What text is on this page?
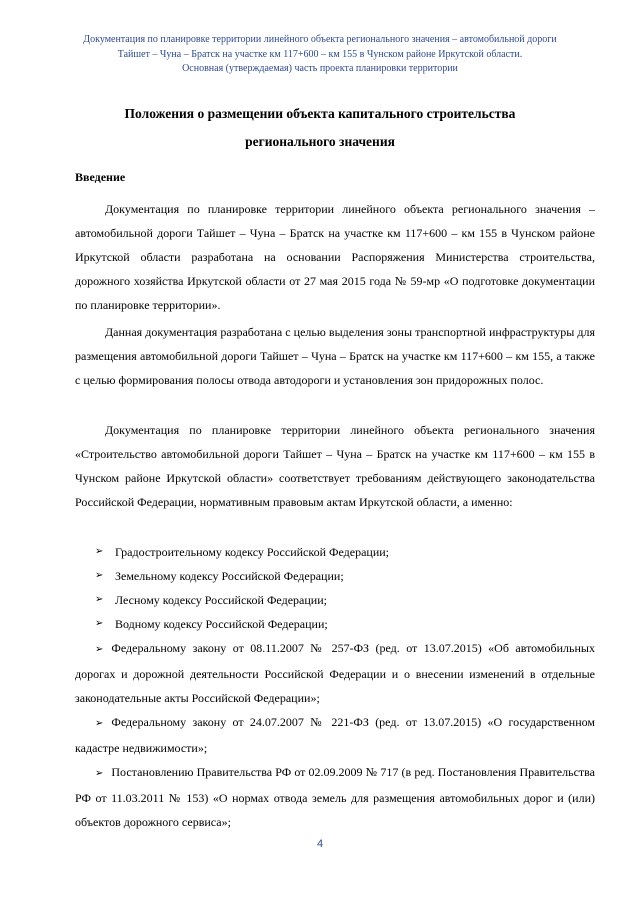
Документация по планировке территории линейного объекта регионального значения – автомобильной дороги
Тайшет – Чуна – Братск на участке км 117+600 – км 155 в Чунском районе Иркутской области.
Основная (утверждаемая) часть проекта планировки территории
Положения о размещении объекта капитального строительства
регионального значения
Введение

Документация по планировке территории линейного объекта регионального значения – автомобильной дороги Тайшет – Чуна – Братск на участке км 117+600 – км 155 в Чунском районе Иркутской области разработана на основании Распоряжения Министерства строительства, дорожного хозяйства Иркутской области от 27 мая 2015 года № 59-мр «О подготовке документации по планировке территории».

Данная документация разработана с целью выделения зоны транспортной инфраструктуры для размещения автомобильной дороги Тайшет – Чуна – Братск на участке км 117+600 – км 155, а также с целью формирования полосы отвода автодороги и установления зон придорожных полос.

Документация по планировке территории линейного объекта регионального значения «Строительство автомобильной дороги Тайшет – Чуна – Братск на участке км 117+600 – км 155 в Чунском районе Иркутской области» соответствует требованиям действующего законодательства Российской Федерации, нормативным правовым актам Иркутской области, а именно:

➢ Градостроительному кодексу Российской Федерации;
➢ Земельному кодексу Российской Федерации;
➢ Лесному кодексу Российской Федерации;
➢ Водному кодексу Российской Федерации;
➢ Федеральному закону от 08.11.2007 № 257-ФЗ (ред. от 13.07.2015) «Об автомобильных дорогах и дорожной деятельности Российской Федерации и о внесении изменений в отдельные законодательные акты Российской Федерации»;
➢ Федеральному закону от 24.07.2007 № 221-ФЗ (ред. от 13.07.2015) «О государственном кадастре недвижимости»;
➢ Постановлению Правительства РФ от 02.09.2009 № 717 (в ред. Постановления Правительства РФ от 11.03.2011 № 153) «О нормах отвода земель для размещения автомобильных дорог и (или) объектов дорожного сервиса»;
4
